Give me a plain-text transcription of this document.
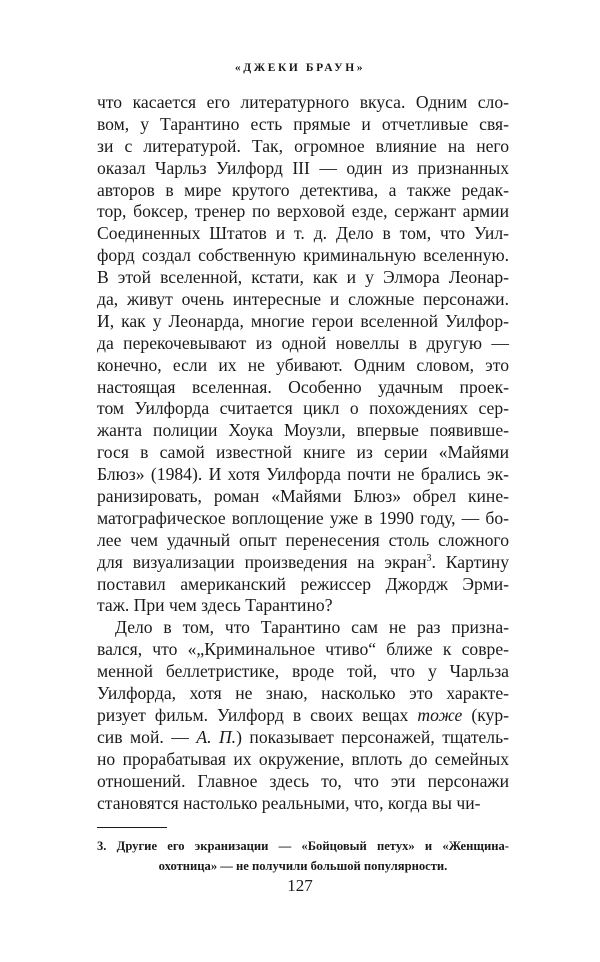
«ДЖЕКИ БРАУН»
что касается его литературного вкуса. Одним сло-
вом, у Тарантино есть прямые и отчетливые свя-
зи с литературой. Так, огромное влияние на него
оказал Чарльз Уилфорд III — один из признанных
авторов в мире крутого детектива, а также редак-
тор, боксер, тренер по верховой езде, сержант армии
Соединенных Штатов и т. д. Дело в том, что Уил-
форд создал собственную криминальную вселенную.
В этой вселенной, кстати, как и у Элмора Леонар-
да, живут очень интересные и сложные персонажи.
И, как у Леонарда, многие герои вселенной Уилфор-
да перекочевывают из одной новеллы в другую —
конечно, если их не убивают. Одним словом, это
настоящая вселенная. Особенно удачным проек-
том Уилфорда считается цикл о похождениях сер-
жанта полиции Хоука Моузли, впервые появивше-
гося в самой известной книге из серии «Майями
Блюз» (1984). И хотя Уилфорда почти не брались эк-
ранизировать, роман «Майями Блюз» обрел кине-
матографическое воплощение уже в 1990 году, — бо-
лее чем удачный опыт перенесения столь сложного
для визуализации произведения на экран$^3$. Картину
поставил американский режиссер Джордж Эрми-
таж. При чем здесь Тарантино?
Дело в том, что Тарантино сам не раз призна-
вался, что «„Криминальное чтиво“ ближе к совре-
менной беллетристике, вроде той, что у Чарльза
Уилфорда, хотя не знаю, насколько это характе-
ризует фильм. Уилфорд в своих вещах тоже (кур-
сив мой. — А. П.) показывает персонажей, тщатель-
но прорабатывая их окружение, вплоть до семейных
отношений. Главное здесь то, что эти персонажи
становятся настолько реальными, что, когда вы чи-
3. Другие его экранизации — «Бойцовый петух» и «Женщина-
охотница» — не получили большой популярности.
127
